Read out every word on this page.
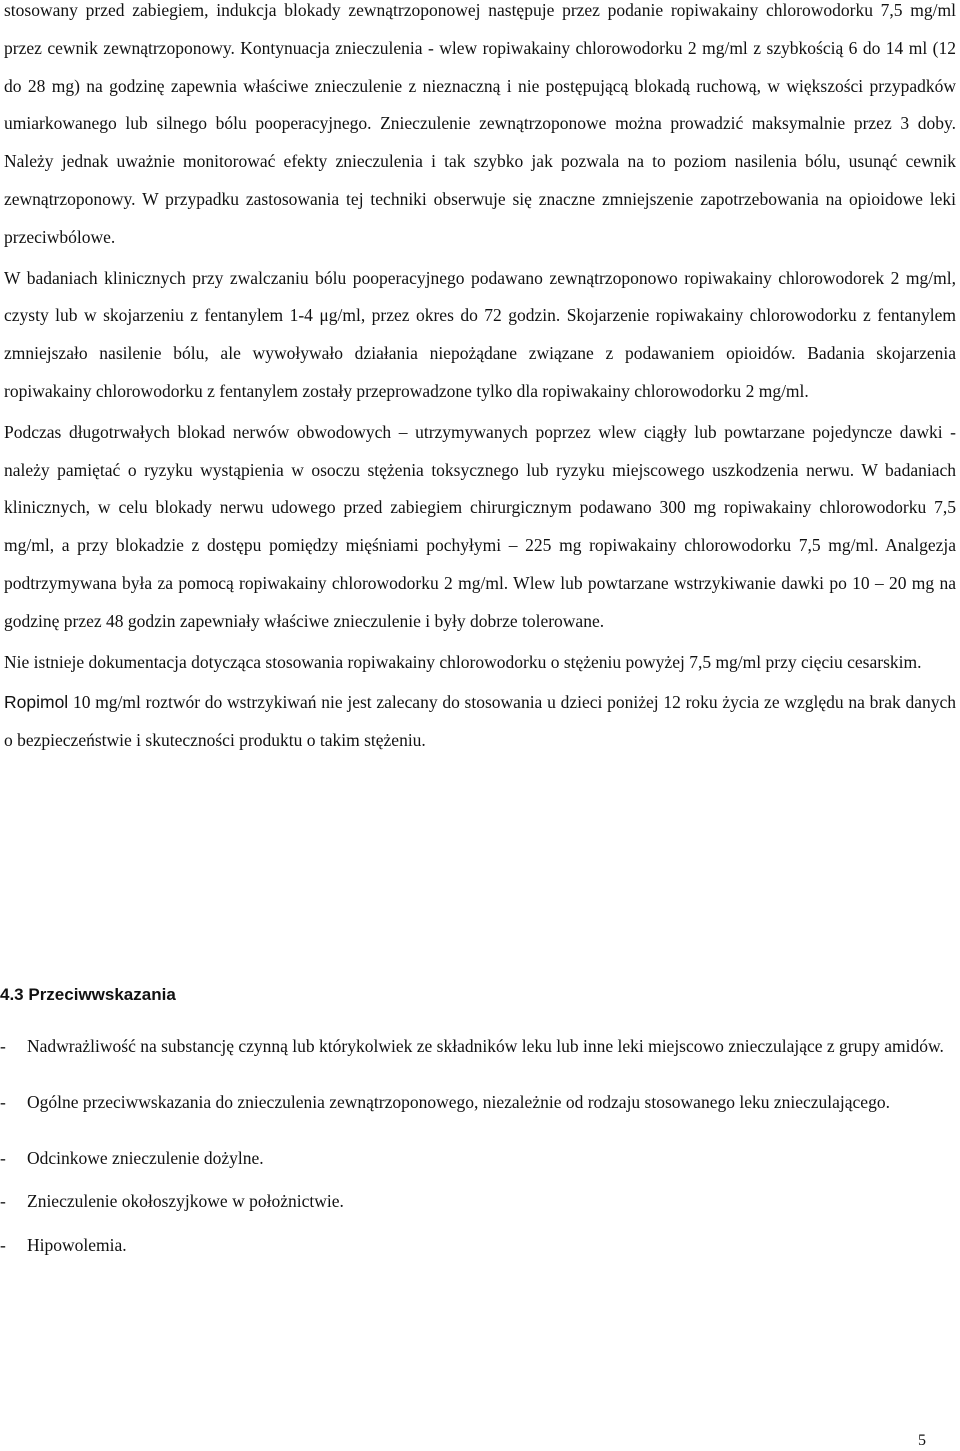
stosowany przed zabiegiem, indukcja blokady zewnątrzoponowej następuje przez podanie ropiwakainy chlorowodorku 7,5 mg/ml przez cewnik zewnątrzoponowy. Kontynuacja znieczulenia - wlew ropiwakainy chlorowodorku 2 mg/ml z szybkością 6 do 14 ml (12 do 28 mg) na godzinę zapewnia właściwe znieczulenie z nieznaczną i nie postępującą blokadą ruchową, w większości przypadków umiarkowanego lub silnego bólu pooperacyjnego. Znieczulenie zewnątrzoponowe można prowadzić maksymalnie przez 3 doby. Należy jednak uważnie monitorować efekty znieczulenia i tak szybko jak pozwala na to poziom nasilenia bólu, usunąć cewnik zewnątrzoponowy. W przypadku zastosowania tej techniki obserwuje się znaczne zmniejszenie zapotrzebowania na opioidowe leki przeciwbólowe.

W badaniach klinicznych przy zwalczaniu bólu pooperacyjnego podawano zewnątrzoponowo ropiwakainy chlorowodorek 2 mg/ml, czysty lub w skojarzeniu z fentanylem 1-4 μg/ml, przez okres do 72 godzin. Skojarzenie ropiwakainy chlorowodorku z fentanylem zmniejszało nasilenie bólu, ale wywoływało działania niepożądane związane z podawaniem opioidów. Badania skojarzenia ropiwakainy chlorowodorku z fentanylem zostały przeprowadzone tylko dla ropiwakainy chlorowodorku 2 mg/ml.

Podczas długotrwałych blokad nerwów obwodowych – utrzymywanych poprzez wlew ciągły lub powtarzane pojedyncze dawki - należy pamiętać o ryzyku wystąpienia w osoczu stężenia toksycznego lub ryzyku miejscowego uszkodzenia nerwu. W badaniach klinicznych, w celu blokady nerwu udowego przed zabiegiem chirurgicznym podawano 300 mg ropiwakainy chlorowodorku 7,5 mg/ml, a przy blokadzie z dostępu pomiędzy mięśniami pochyłymi – 225 mg ropiwakainy chlorowodorku 7,5 mg/ml. Analgezja podtrzymywana była za pomocą ropiwakainy chlorowodorku 2 mg/ml. Wlew lub powtarzane wstrzykiwanie dawki po 10 – 20 mg na godzinę przez 48 godzin zapewniały właściwe znieczulenie i były dobrze tolerowane.

Nie istnieje dokumentacja dotycząca stosowania ropiwakainy chlorowodorku o stężeniu powyżej 7,5 mg/ml przy cięciu cesarskim.

Ropimol 10 mg/ml roztwór do wstrzykiwań nie jest zalecany do stosowania u dzieci poniżej 12 roku życia ze względu na brak danych o bezpieczeństwie i skuteczności produktu o takim stężeniu.

4.3 Przeciwwskazania
-	Nadwrażliwość na substancję czynną lub którykolwiek ze składników leku lub inne leki miejscowo znieczulające z grupy amidów.
-	Ogólne przeciwwskazania do znieczulenia zewnątrzoponowego, niezależnie od rodzaju stosowanego leku znieczulającego.
-	Odcinkowe znieczulenie dożylne.
-	Znieczulenie okołoszyjkowe w położnictwie.
-	Hipowolemia.
5
